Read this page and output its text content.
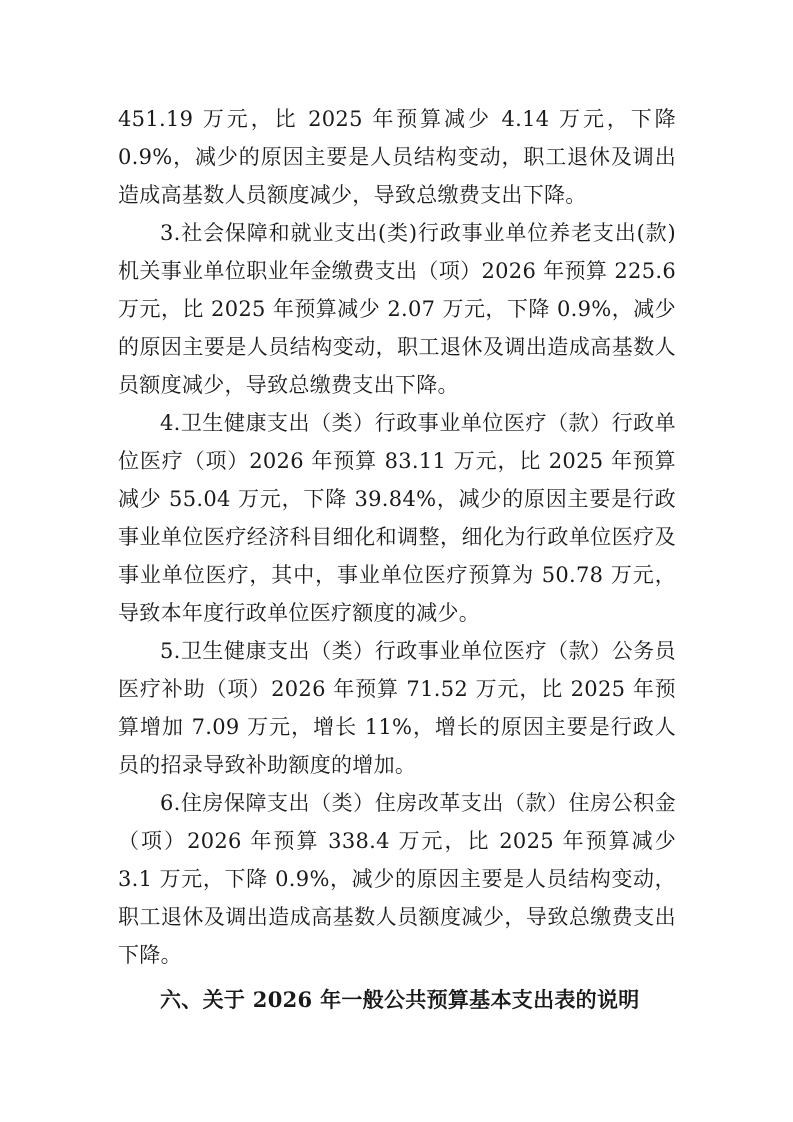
451.19 万元，比 2025 年预算减少 4.14 万元，下降 0.9%，减少的原因主要是人员结构变动，职工退休及调出造成高基数人员额度减少，导致总缴费支出下降。

3.社会保障和就业支出(类)行政事业单位养老支出(款)机关事业单位职业年金缴费支出（项）2026 年预算 225.6 万元，比 2025 年预算减少 2.07 万元，下降 0.9%，减少的原因主要是人员结构变动，职工退休及调出造成高基数人员额度减少，导致总缴费支出下降。

4.卫生健康支出（类）行政事业单位医疗（款）行政单位医疗（项）2026 年预算 83.11 万元，比 2025 年预算减少 55.04 万元，下降 39.84%，减少的原因主要是行政事业单位医疗经济科目细化和调整，细化为行政单位医疗及事业单位医疗，其中，事业单位医疗预算为 50.78 万元，导致本年度行政单位医疗额度的减少。

5.卫生健康支出（类）行政事业单位医疗（款）公务员医疗补助（项）2026 年预算 71.52 万元，比 2025 年预算增加 7.09 万元，增长 11%，增长的原因主要是行政人员的招录导致补助额度的增加。

6.住房保障支出（类）住房改革支出（款）住房公积金（项）2026 年预算 338.4 万元，比 2025 年预算减少 3.1 万元，下降 0.9%，减少的原因主要是人员结构变动，职工退休及调出造成高基数人员额度减少，导致总缴费支出下降。

六、关于 2026 年一般公共预算基本支出表的说明
